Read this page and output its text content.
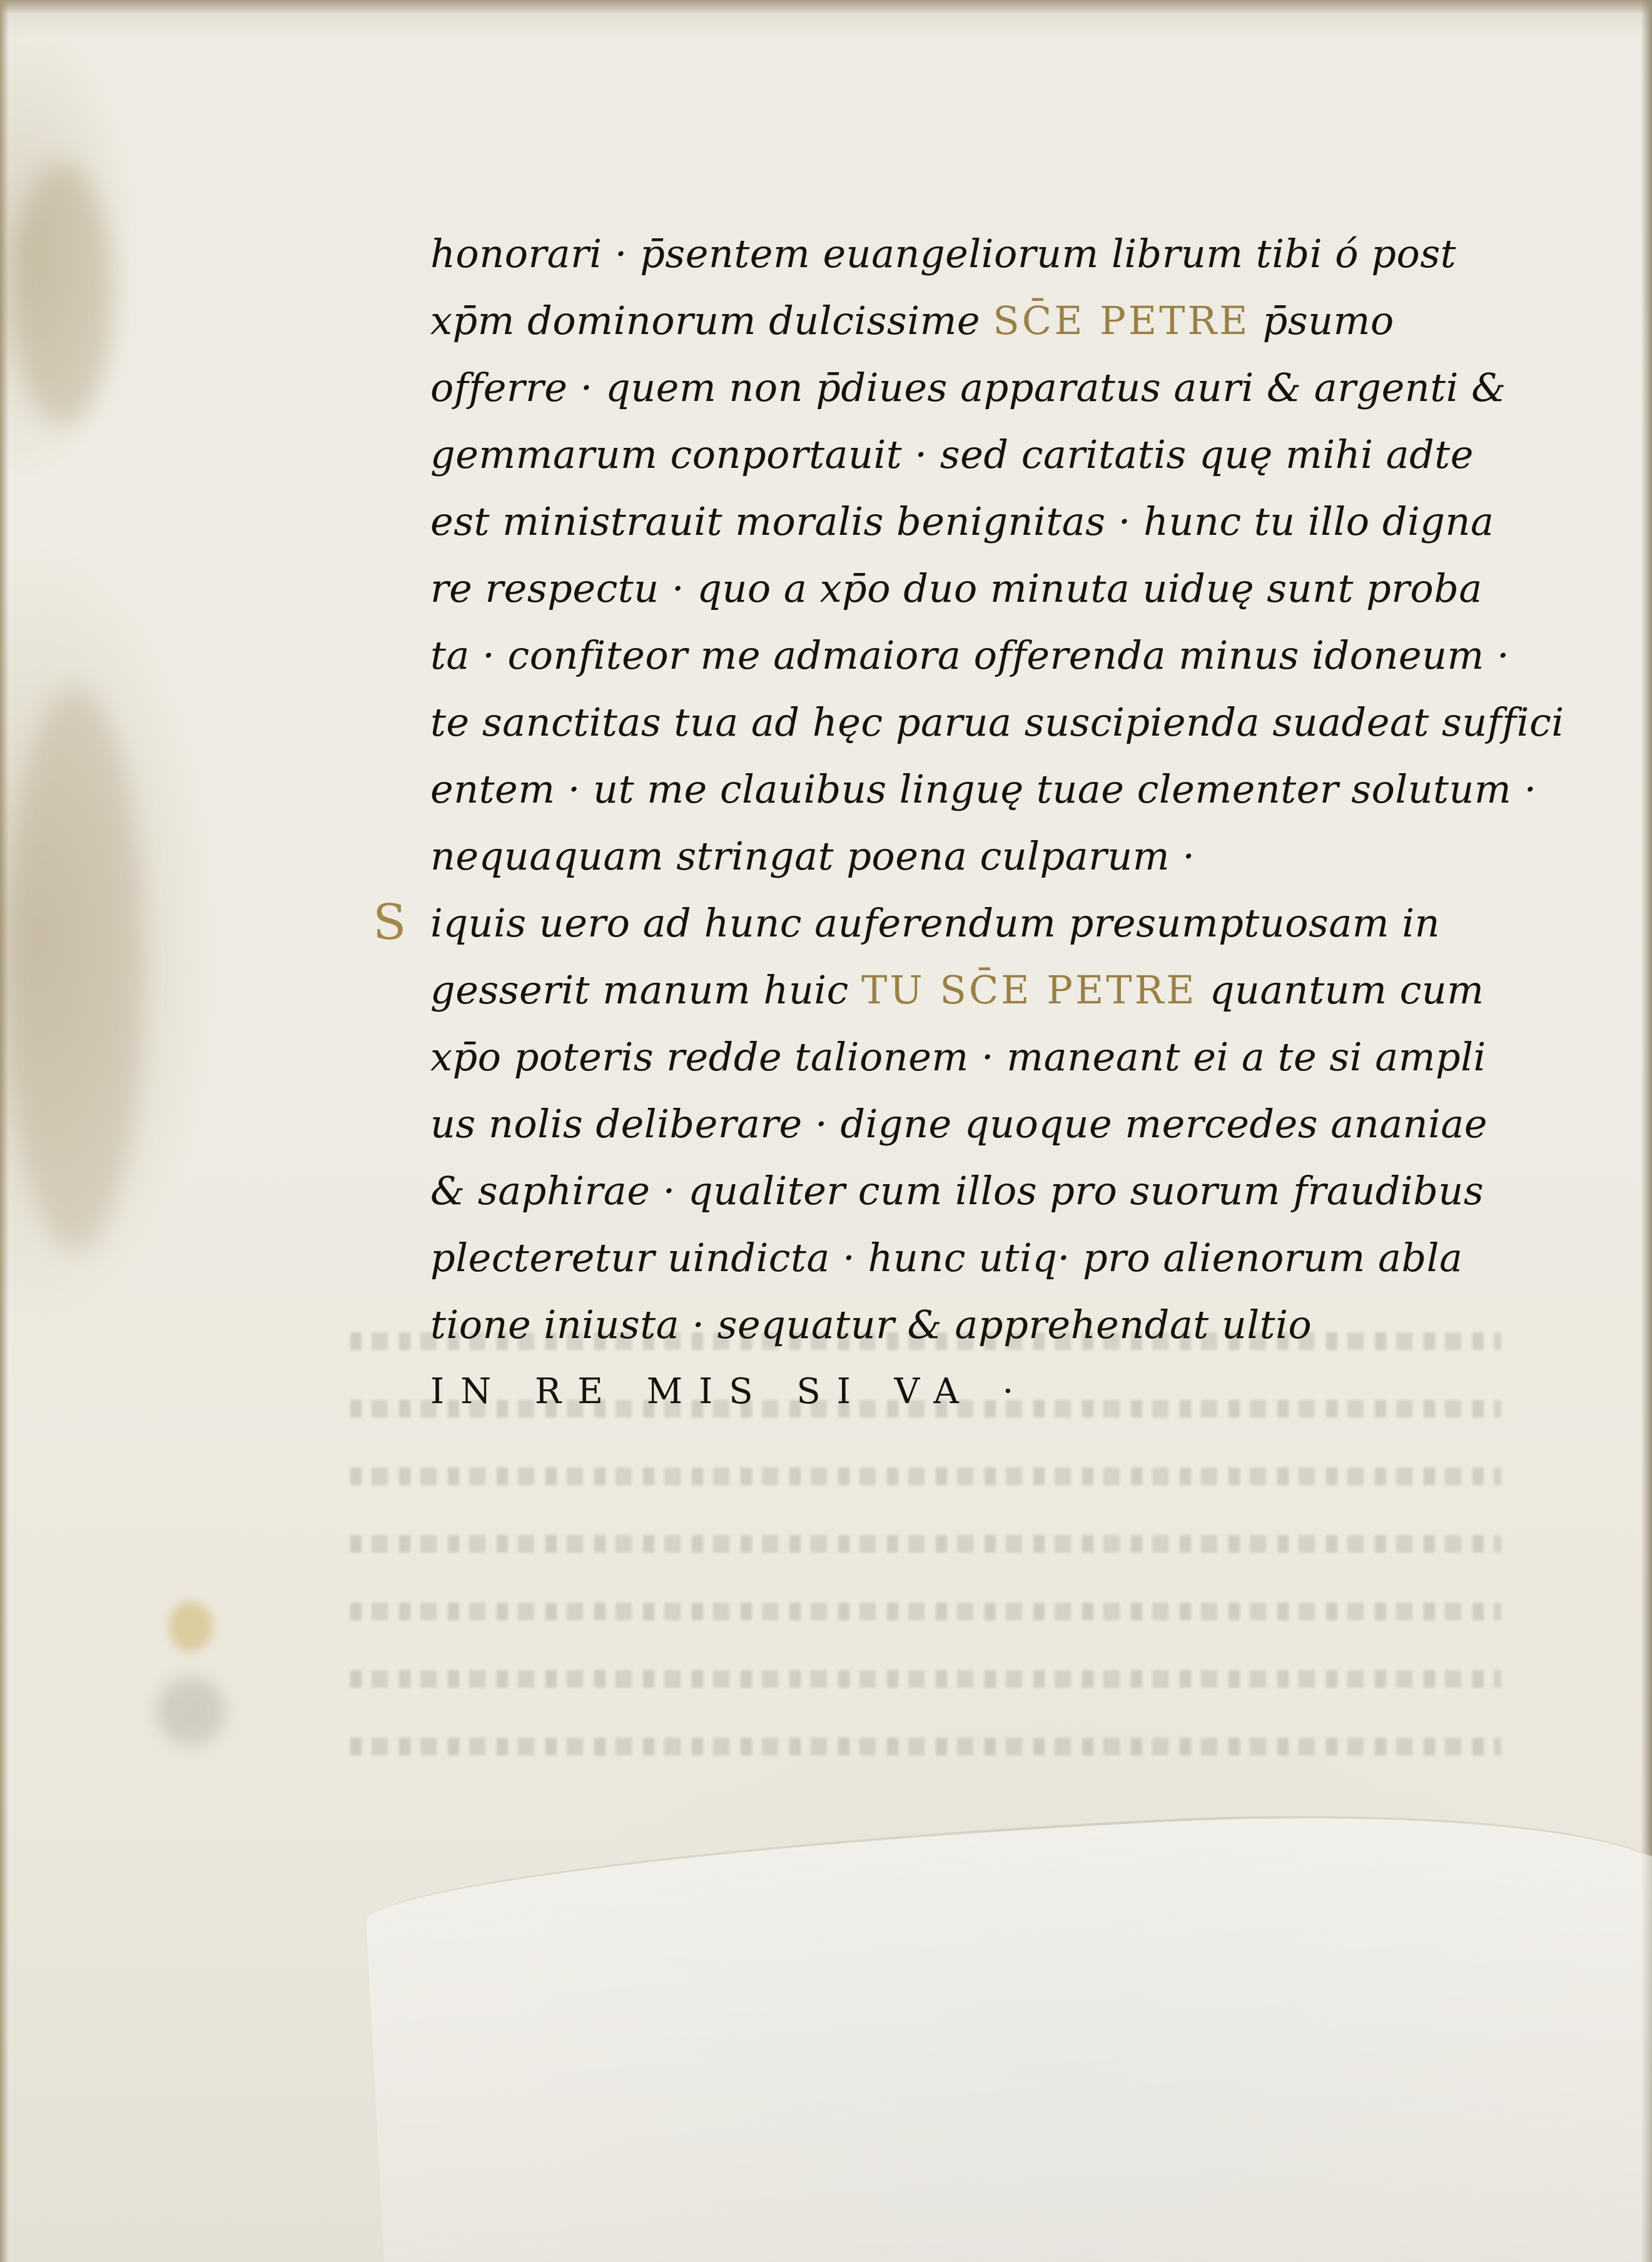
honorari · p̄sentem euangeliorum librum tibi ó post
xp̄m dominorum dulcissime SC̄E PETRE p̄sumo
offerre · quem non p̄diues apparatus auri & argenti &
gemmarum conportauit · sed caritatis quę mihi adte
est ministrauit moralis benignitas · hunc tu illo digna
re respectu · quo a xp̄o duo minuta uiduę sunt proba
ta · confiteor me admaiora offerenda minus idoneum ·
te sanctitas tua ad hęc parua suscipienda suadeat suffici
entem · ut me clauibus linguę tuae clementer solutum ·
nequaquam stringat poena culparum ·
S iquis uero ad hunc auferendum presumptuosam in
gesserit manum huic TU SC̄E PETRE quantum cum
xp̄o poteris redde talionem · maneant ei a te si ampli
us nolis deliberare · digne quoque mercedes ananiae
& saphirae · qualiter cum illos pro suorum fraudibus
plecteretur uindicta · hunc utiq· pro alienorum abla
tione iniusta · sequatur & apprehendat ultio
IN RE MIS SI VA ·
